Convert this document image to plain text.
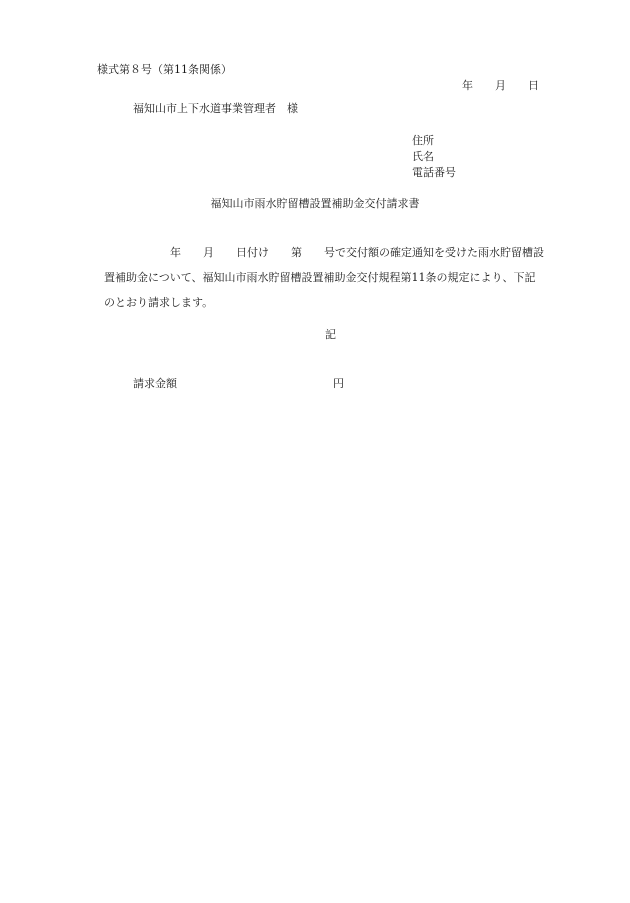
様式第８号（第11条関係）
年 月 日
福知山市上下水道事業管理者　様
住所
氏名
電話番号
福知山市雨水貯留槽設置補助金交付請求書
　　　　　　年　　月　　日付け　　第　　号で交付額の確定通知を受けた雨水貯留槽設
置補助金について、福知山市雨水貯留槽設置補助金交付規程第11条の規定により、下記
のとおり請求します。
記
請求金額	円
